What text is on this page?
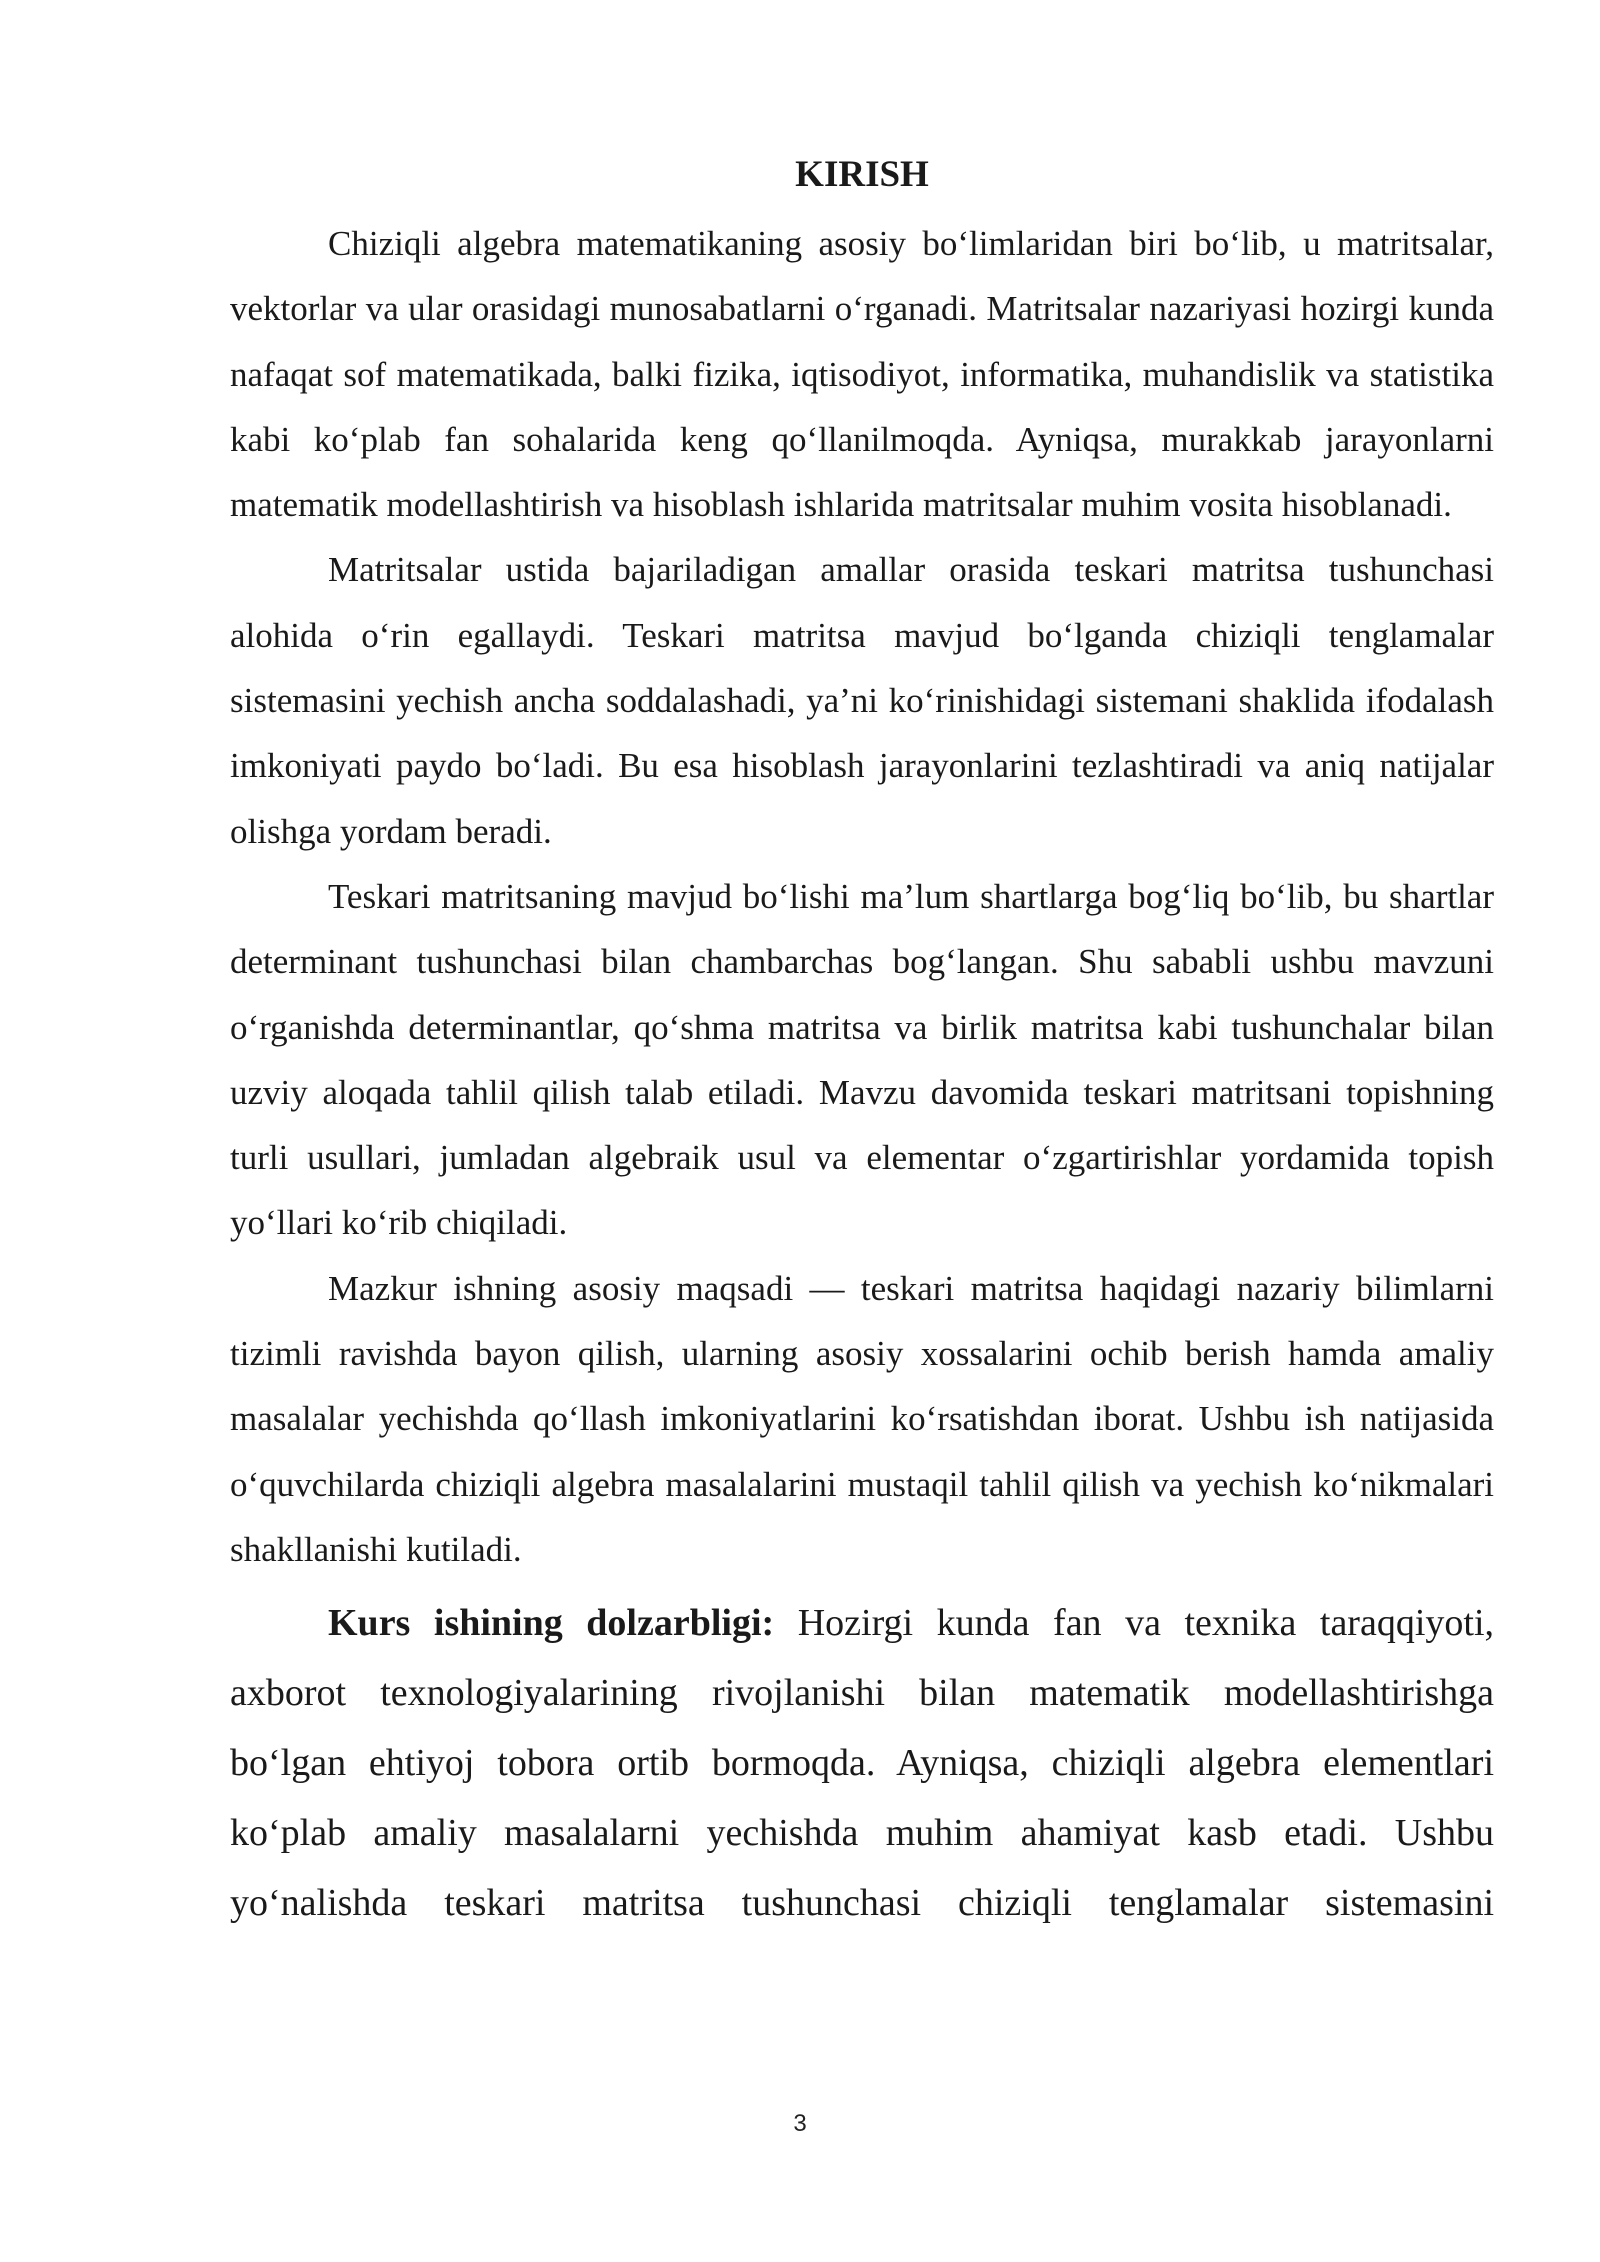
KIRISH

Chiziqli algebra matematikaning asosiy bo‘limlaridan biri bo‘lib, u matritsalar, vektorlar va ular orasidagi munosabatlarni o‘rganadi. Matritsalar nazariyasi hozirgi kunda nafaqat sof matematikada, balki fizika, iqtisodiyot, informatika, muhandislik va statistika kabi ko‘plab fan sohalarida keng qo‘llanilmoqda. Ayniqsa, murakkab jarayonlarni matematik modellashtirish va hisoblash ishlarida matritsalar muhim vosita hisoblanadi.

Matritsalar ustida bajariladigan amallar orasida teskari matritsa tushunchasi alohida o‘rin egallaydi. Teskari matritsa mavjud bo‘lganda chiziqli tenglamalar sistemasini yechish ancha soddalashadi, ya’ni ko‘rinishidagi sistemani shaklida ifodalash imkoniyati paydo bo‘ladi. Bu esa hisoblash jarayonlarini tezlashtiradi va aniq natijalar olishga yordam beradi.

Teskari matritsaning mavjud bo‘lishi ma’lum shartlarga bog‘liq bo‘lib, bu shartlar determinant tushunchasi bilan chambarchas bog‘langan. Shu sababli ushbu mavzuni o‘rganishda determinantlar, qo‘shma matritsa va birlik matritsa kabi tushunchalar bilan uzviy aloqada tahlil qilish talab etiladi. Mavzu davomida teskari matritsani topishning turli usullari, jumladan algebraik usul va elementar o‘zgartirishlar yordamida topish yo‘llari ko‘rib chiqiladi.

Mazkur ishning asosiy maqsadi — teskari matritsa haqidagi nazariy bilimlarni tizimli ravishda bayon qilish, ularning asosiy xossalarini ochib berish hamda amaliy masalalar yechishda qo‘llash imkoniyatlarini ko‘rsatishdan iborat. Ushbu ish natijasida o‘quvchilarda chiziqli algebra masalalarini mustaqil tahlil qilish va yechish ko‘nikmalari shakllanishi kutiladi.

Kurs ishining dolzarbligi: Hozirgi kunda fan va texnika taraqqiyoti, axborot texnologiyalarining rivojlanishi bilan matematik modellashtirishga bo‘lgan ehtiyoj tobora ortib bormoqda. Ayniqsa, chiziqli algebra elementlari ko‘plab amaliy masalalarni yechishda muhim ahamiyat kasb etadi. Ushbu yo‘nalishda teskari matritsa tushunchasi chiziqli tenglamalar sistemasini

3
